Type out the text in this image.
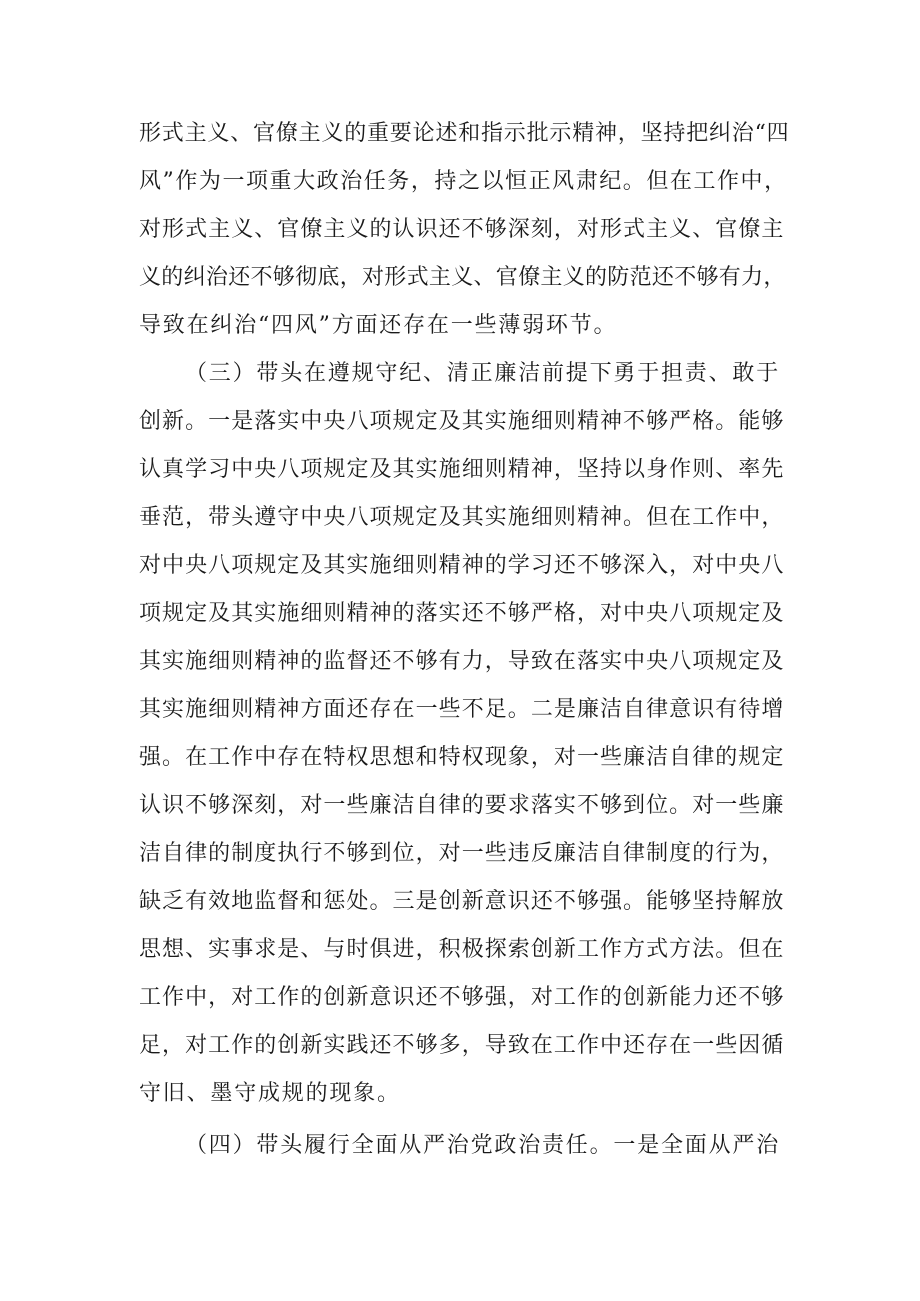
形式主义、官僚主义的重要论述和指示批示精神，坚持把纠治“四
风”作为一项重大政治任务，持之以恒正风肃纪。但在工作中，
对形式主义、官僚主义的认识还不够深刻，对形式主义、官僚主
义的纠治还不够彻底，对形式主义、官僚主义的防范还不够有力，
导致在纠治“四风”方面还存在一些薄弱环节。
（三）带头在遵规守纪、清正廉洁前提下勇于担责、敢于
创新。一是落实中央八项规定及其实施细则精神不够严格。能够
认真学习中央八项规定及其实施细则精神，坚持以身作则、率先
垂范，带头遵守中央八项规定及其实施细则精神。但在工作中，
对中央八项规定及其实施细则精神的学习还不够深入，对中央八
项规定及其实施细则精神的落实还不够严格，对中央八项规定及
其实施细则精神的监督还不够有力，导致在落实中央八项规定及
其实施细则精神方面还存在一些不足。二是廉洁自律意识有待增
强。在工作中存在特权思想和特权现象，对一些廉洁自律的规定
认识不够深刻，对一些廉洁自律的要求落实不够到位。对一些廉
洁自律的制度执行不够到位，对一些违反廉洁自律制度的行为，
缺乏有效地监督和惩处。三是创新意识还不够强。能够坚持解放
思想、实事求是、与时俱进，积极探索创新工作方式方法。但在
工作中，对工作的创新意识还不够强，对工作的创新能力还不够
足，对工作的创新实践还不够多，导致在工作中还存在一些因循
守旧、墨守成规的现象。
（四）带头履行全面从严治党政治责任。一是全面从严治
